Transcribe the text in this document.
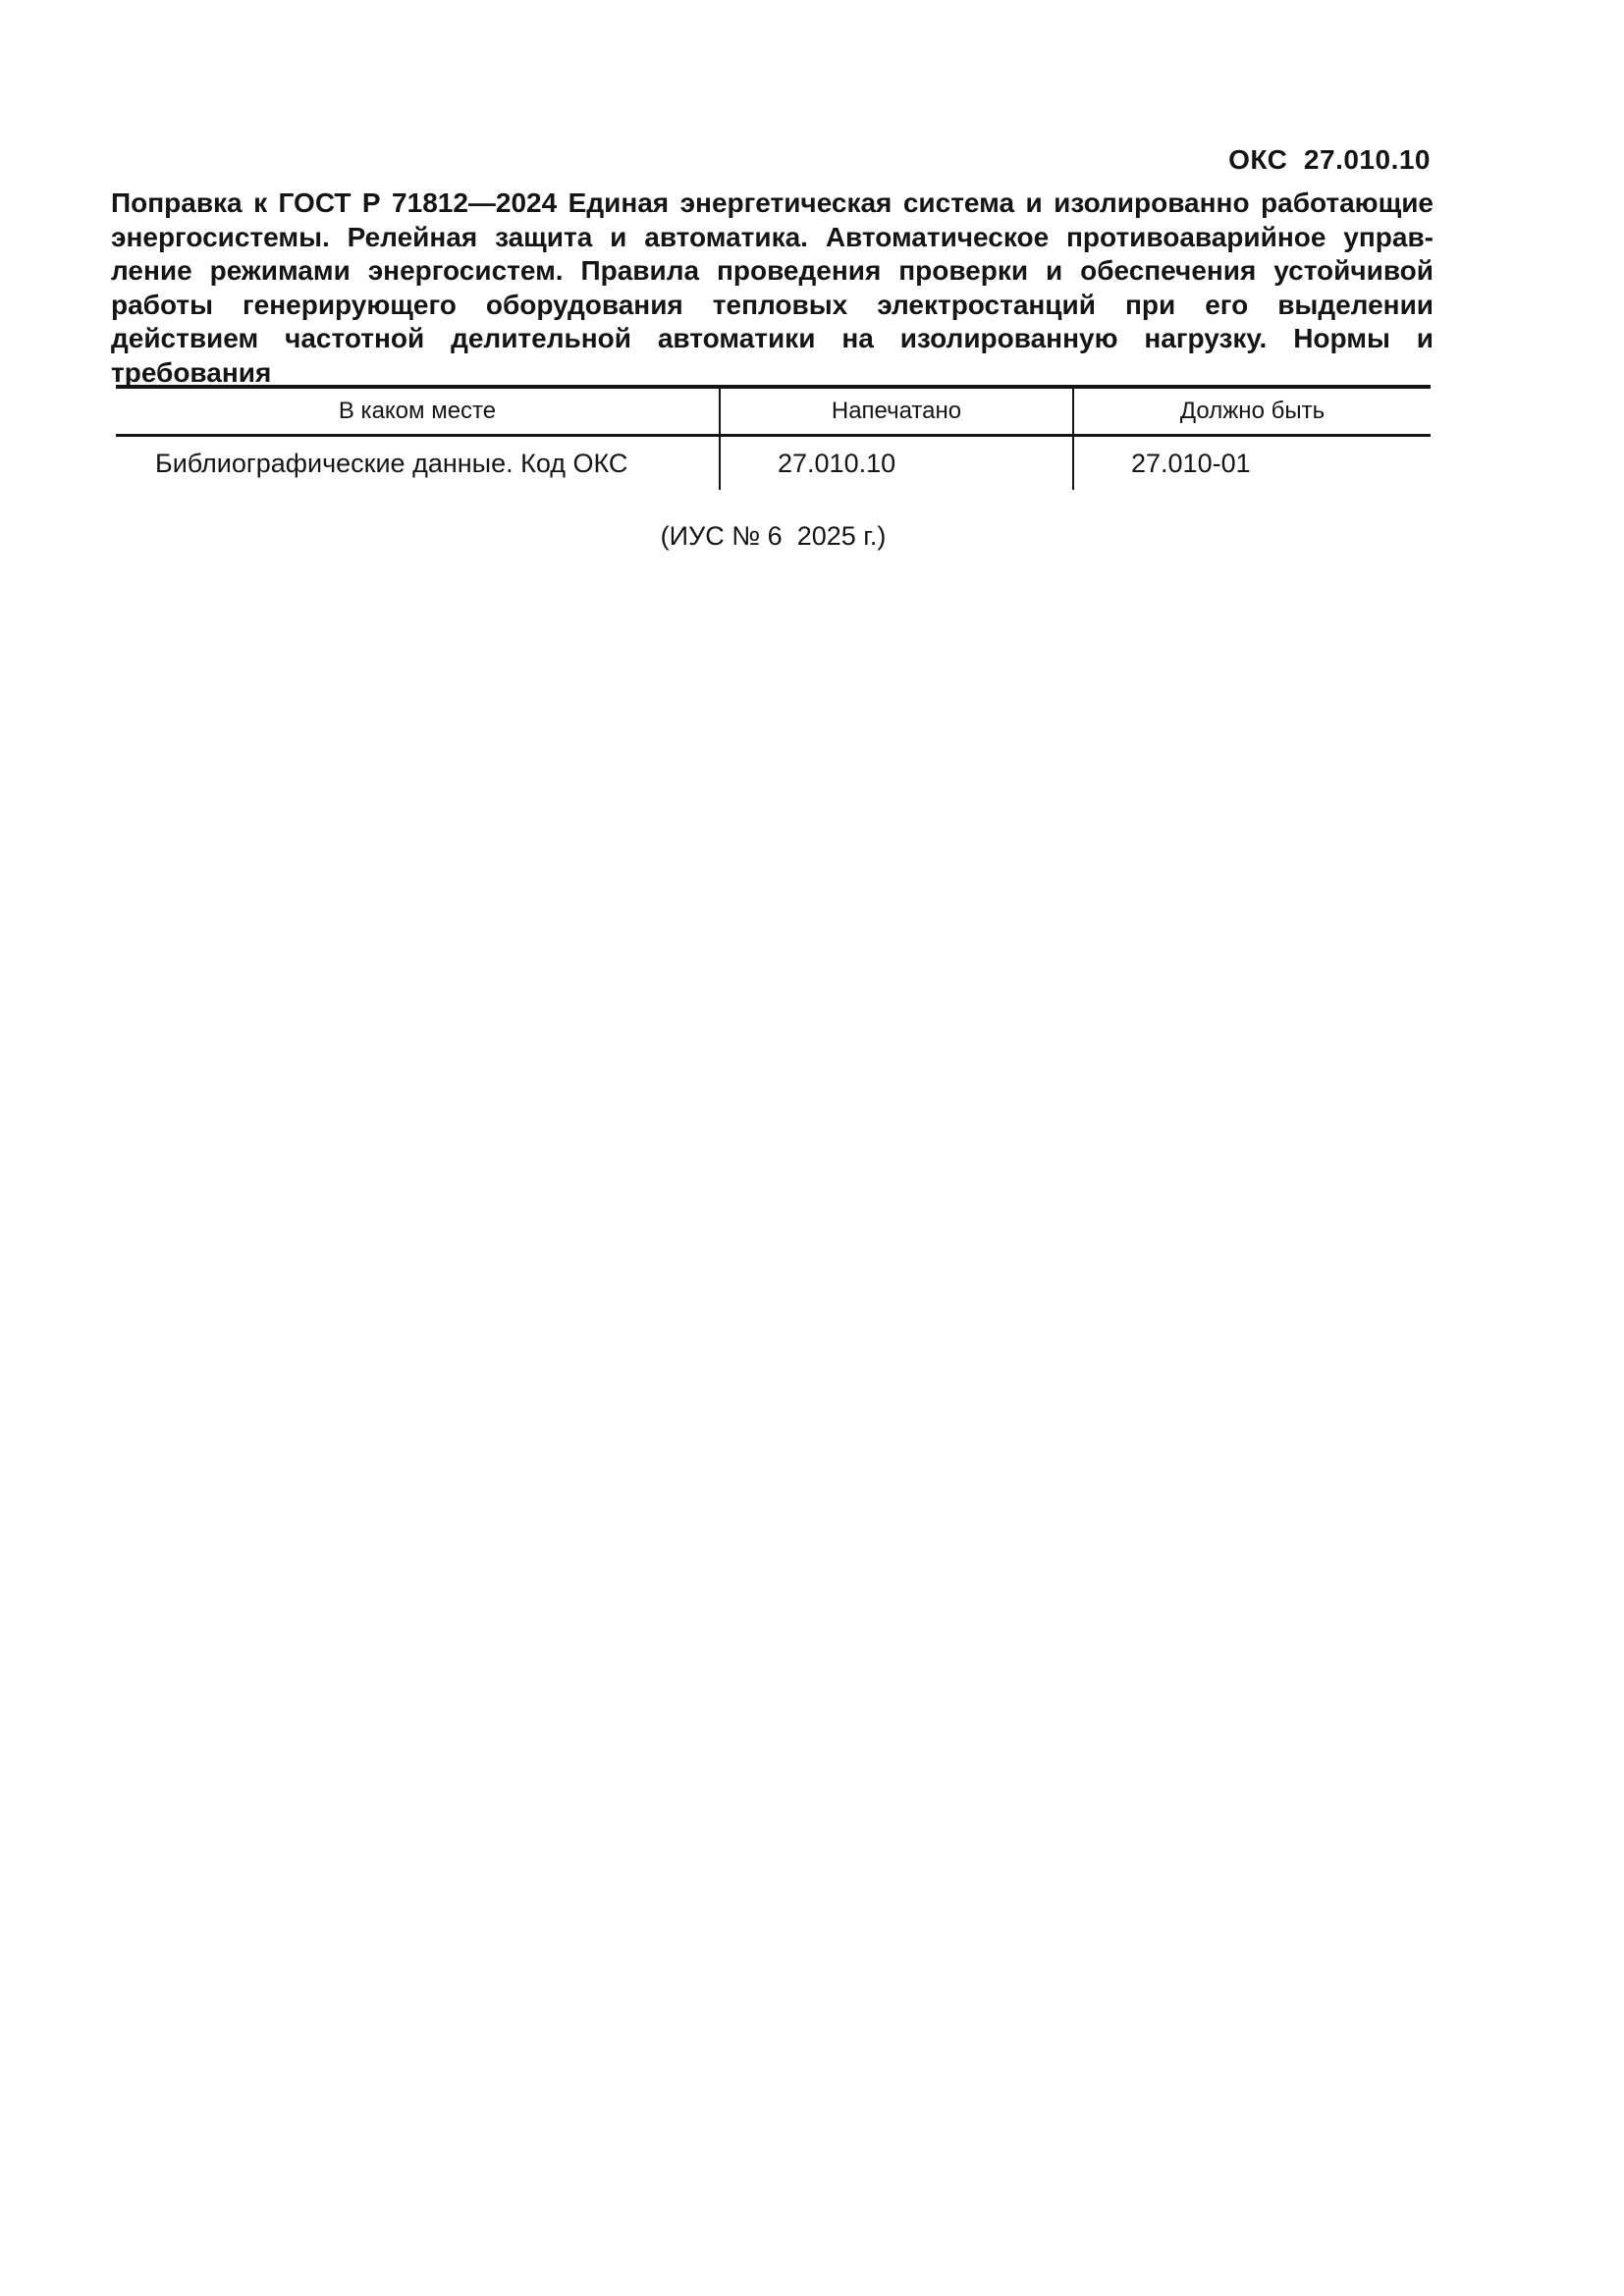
ОКС  27.010.10

Поправка к ГОСТ Р 71812—2024 Единая энергетическая система и изолированно работающие энергосистемы. Релейная защита и автоматика. Автоматическое противоаварийное управление режимами энергосистем. Правила проведения проверки и обеспечения устойчивой работы генерирующего оборудования тепловых электростанций при его выделении действием частотной делительной автоматики на изолированную нагрузку. Нормы и требования

В каком месте	Напечатано	Должно быть
Библиографические данные. Код ОКС	27.010.10	27.010-01
(ИУС № 6  2025 г.)
